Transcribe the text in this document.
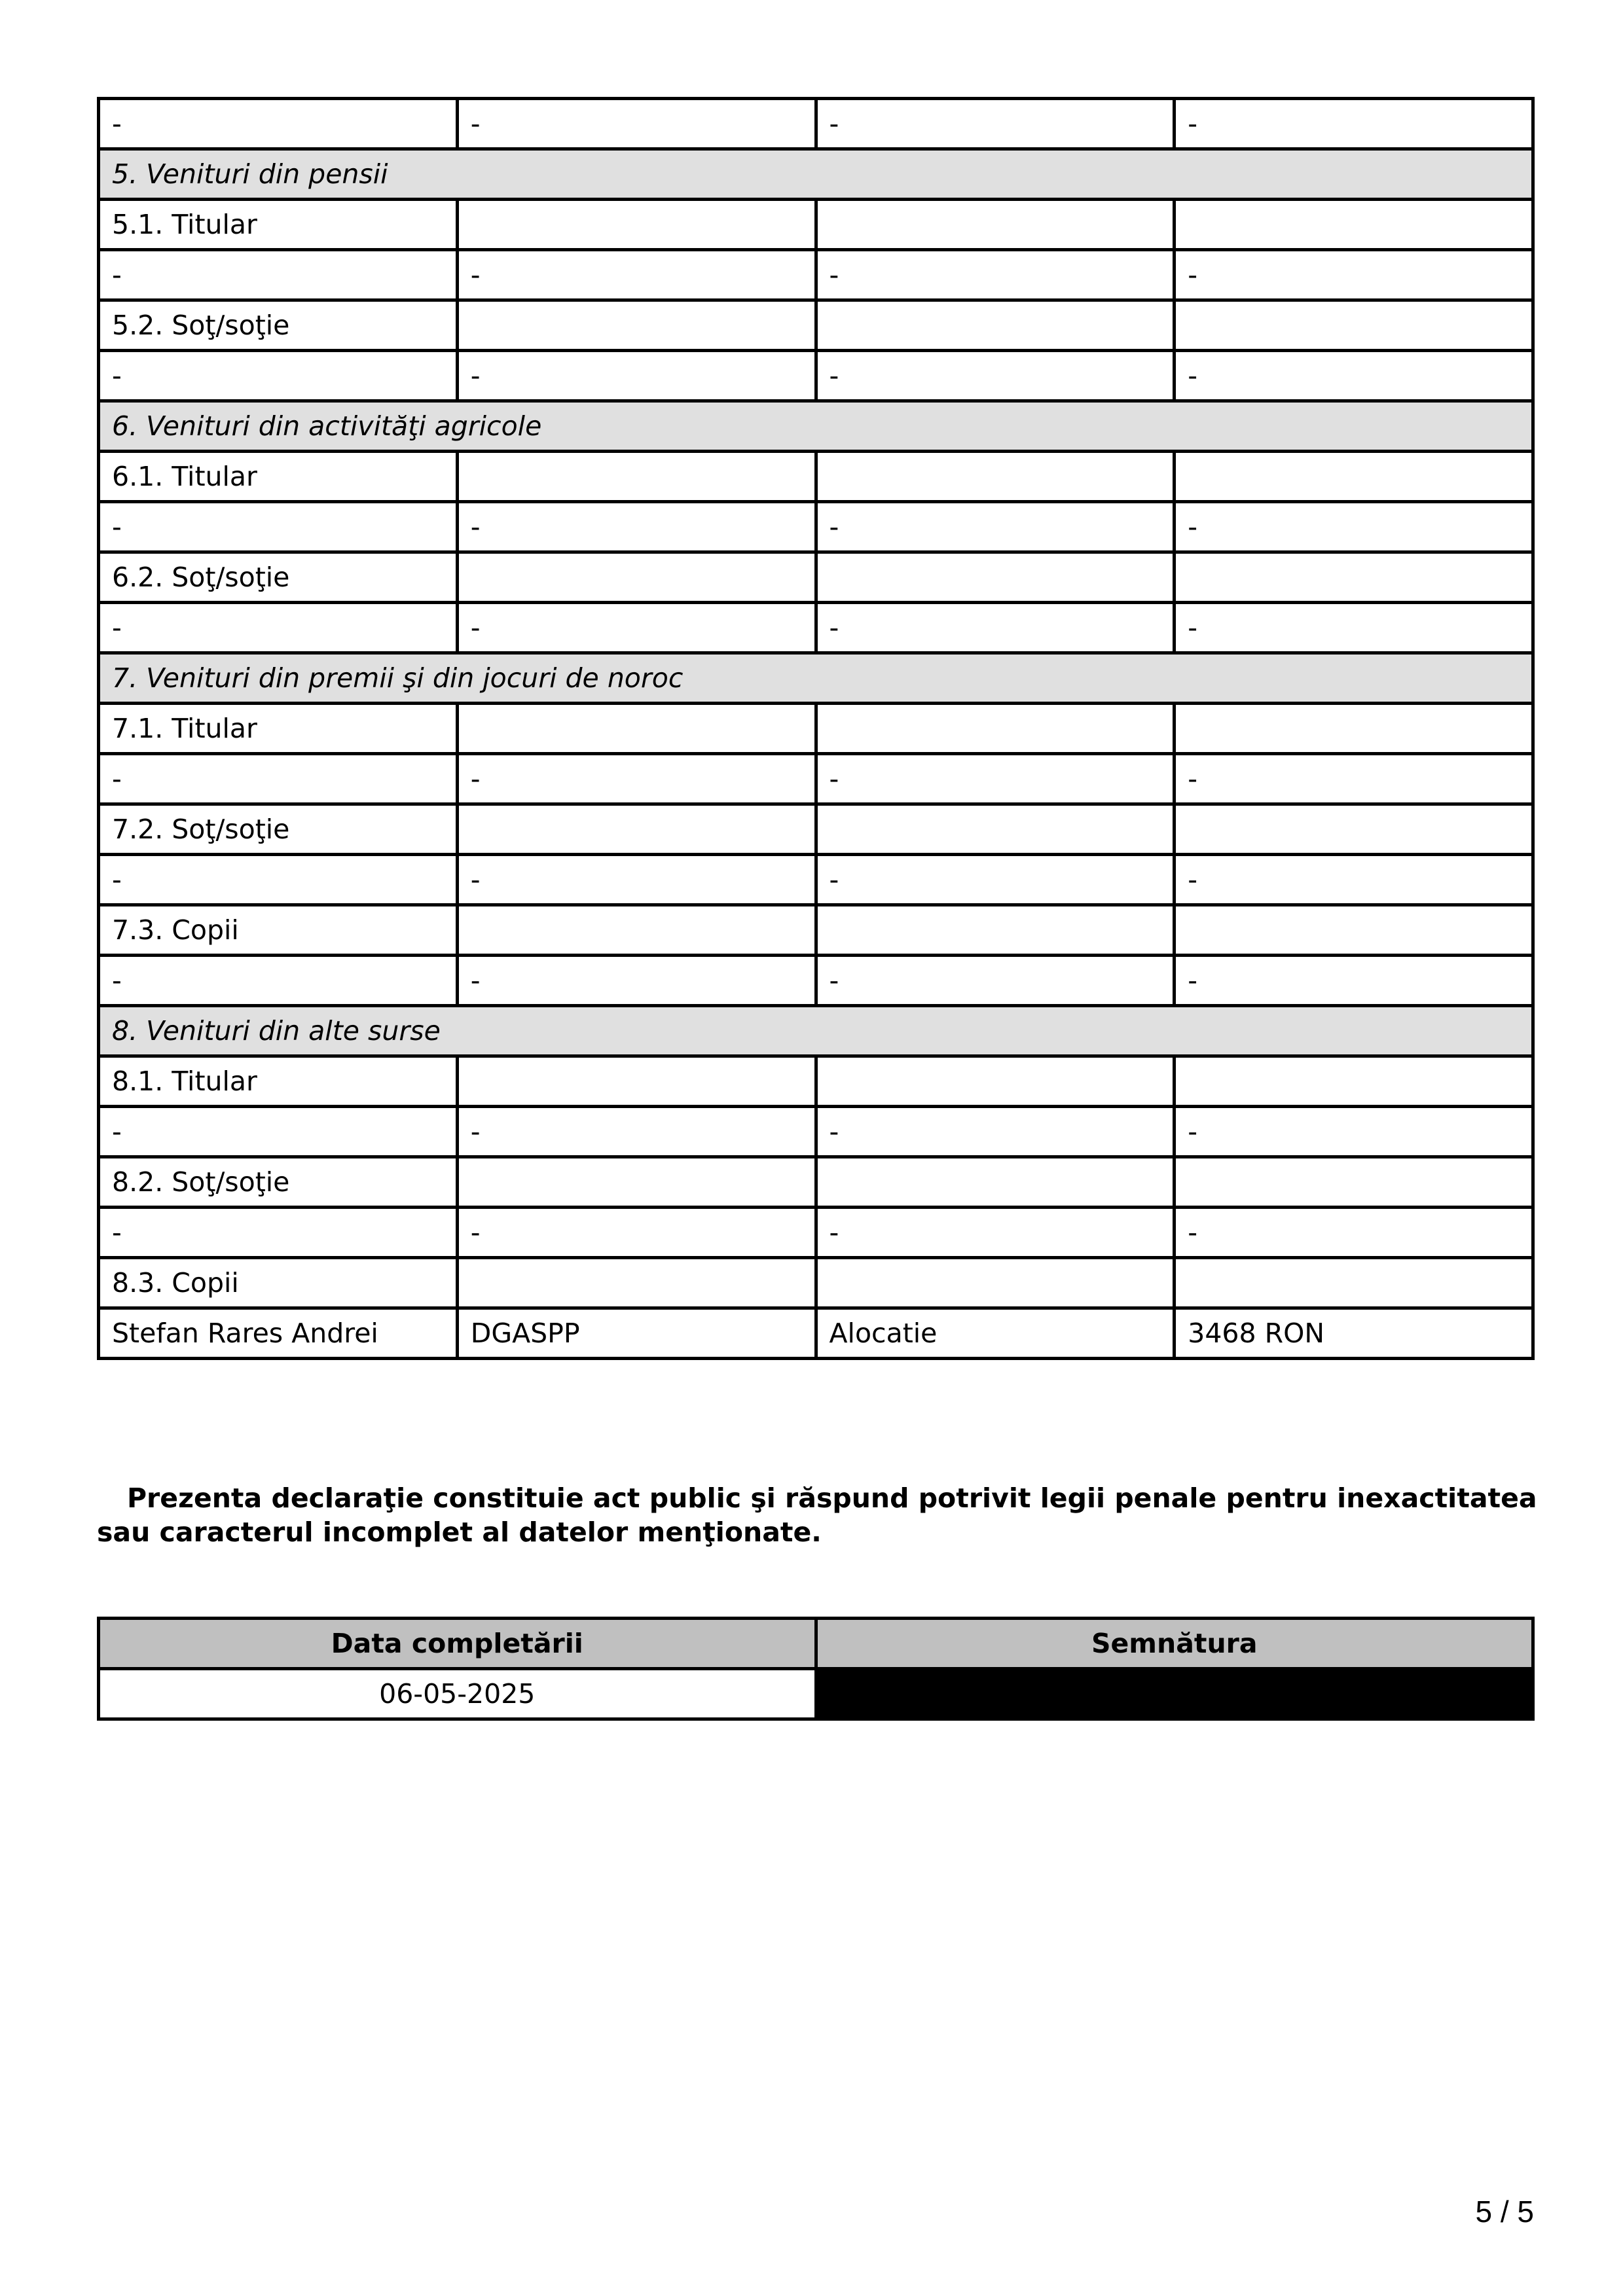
-	-	-	-
5. Venituri din pensii			
5.1. Titular			
-	-	-	-
5.2. Soţ/soţie			
-	-	-	-
6. Venituri din activităţi agricole			
6.1. Titular			
-	-	-	-
6.2. Soţ/soţie			
-	-	-	-
7. Venituri din premii şi din jocuri de noroc			
7.1. Titular			
-	-	-	-
7.2. Soţ/soţie			
-	-	-	-
7.3. Copii			
-	-	-	-
8. Venituri din alte surse			
8.1. Titular			
-	-	-	-
8.2. Soţ/soţie			
-	-	-	-
8.3. Copii			
Stefan Rares Andrei	DGASPP	Alocatie	3468 RON

Prezenta declaraţie constituie act public şi răspund potrivit legii penale pentru inexactitatea sau caracterul incomplet al datelor menţionate.

Data completării	Semnătura
06-05-2025	
5 / 5
